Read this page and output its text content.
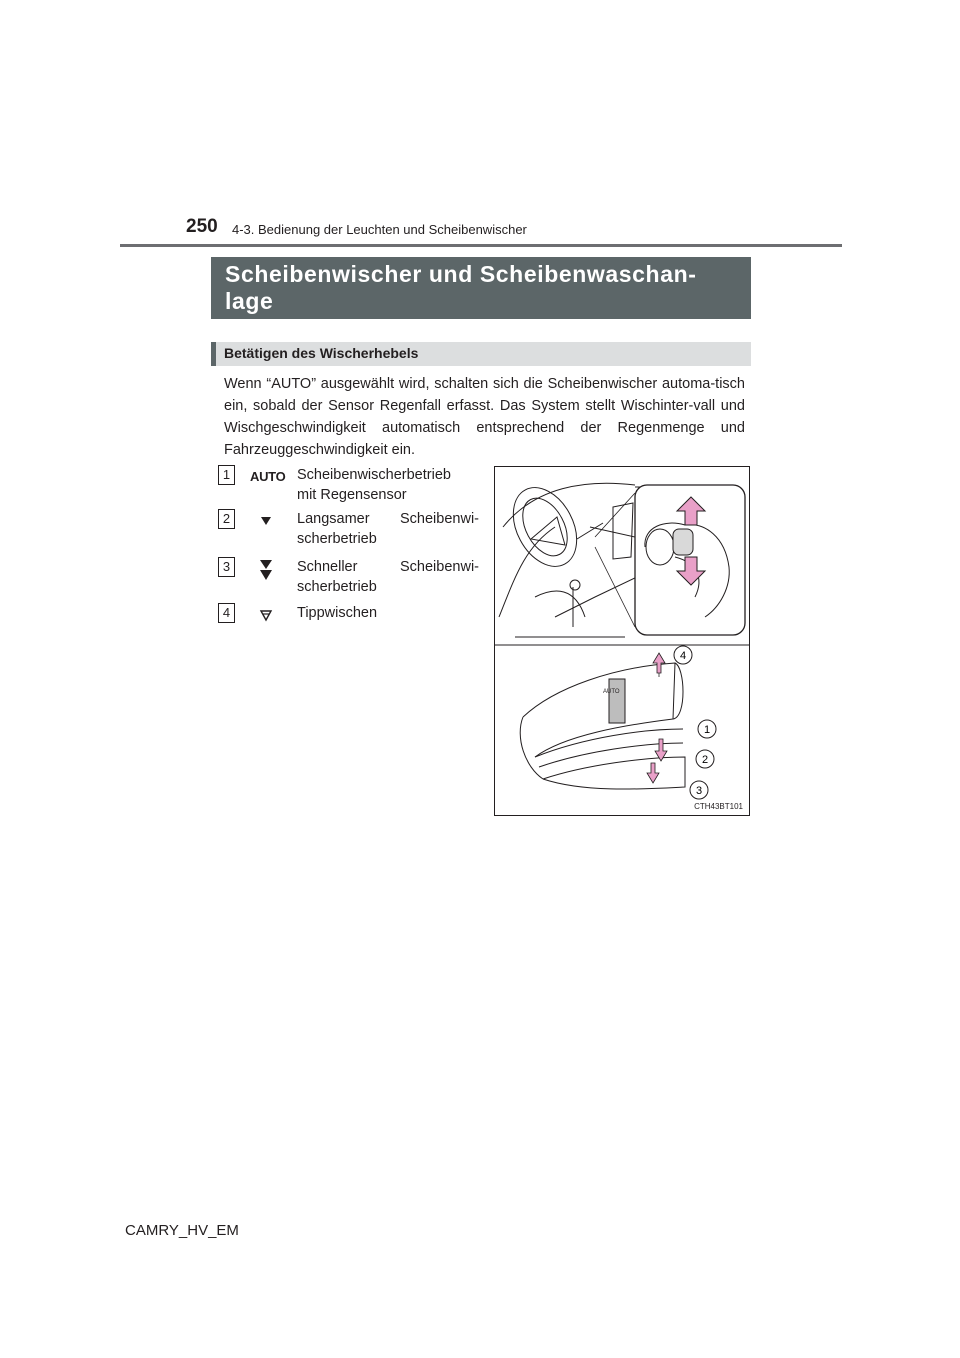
250 4-3. Bedienung der Leuchten und Scheibenwischer
Scheibenwischer und Scheibenwaschan-
lage
Betätigen des Wischerhebels

Wenn “AUTO” ausgewählt wird, schalten sich die Scheibenwischer automa-tisch ein, sobald der Sensor Regenfall erfasst. Das System stellt Wischinter-vall und Wischgeschwindigkeit automatisch entsprechend der Regenmenge und Fahrzeuggeschwindigkeit ein.

1	AUTO Scheibenwischerbetrieb
mit Regensensor
2	Langsamer Scheibenwi-
scherbetrieb
3	Schneller Scheibenwi-
scherbetrieb
4	Tippwischen
AUTO
4
1
2
3
CTH43BT101
CAMRY_HV_EM
